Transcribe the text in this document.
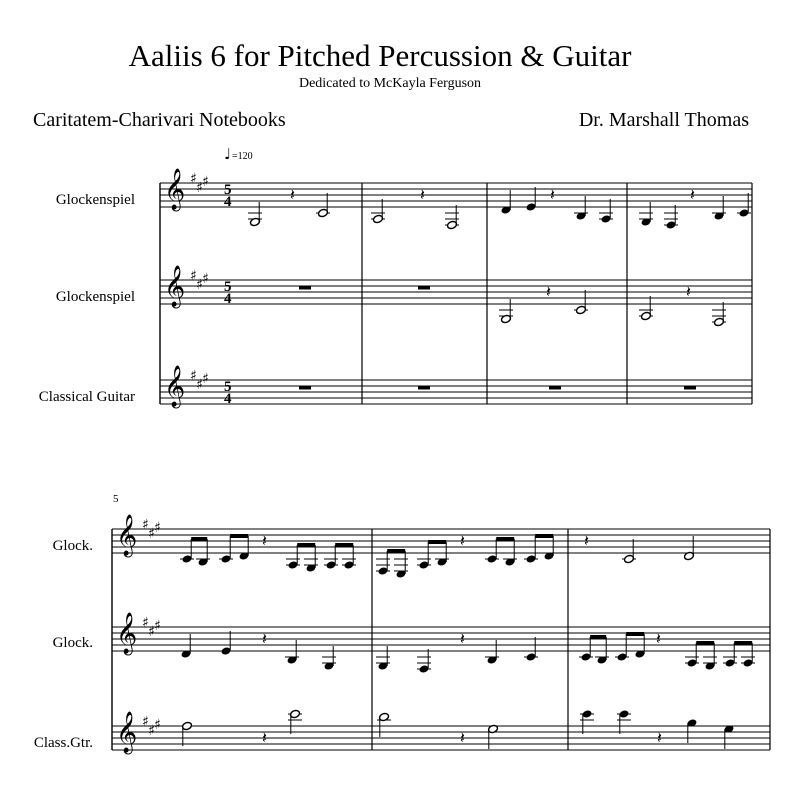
Aaliis 6 for Pitched Percussion & Guitar
Dedicated to McKayla Ferguson
Caritatem-Charivari Notebooks	Dr. Marshall Thomas
Glockenspiel
Glockenspiel
Classical Guitar
Glock.
Glock.
Class.Gtr.
𝄞 ♯
♯ ♯ 5
4
𝄞 ♯
♯ ♯ 5
4
𝄞 ♯
♯ ♯ 5
4
𝄽	𝄽	𝄽	𝄽
𝄽	𝄽
𝄞 ♯
♯ ♯
𝄞 ♯
♯ ♯
𝄞 ♯
♯ ♯
𝄽	𝄽	𝄽
𝄽	𝄽	𝄽
𝄽	𝄽	𝄽
♩ =120
5
